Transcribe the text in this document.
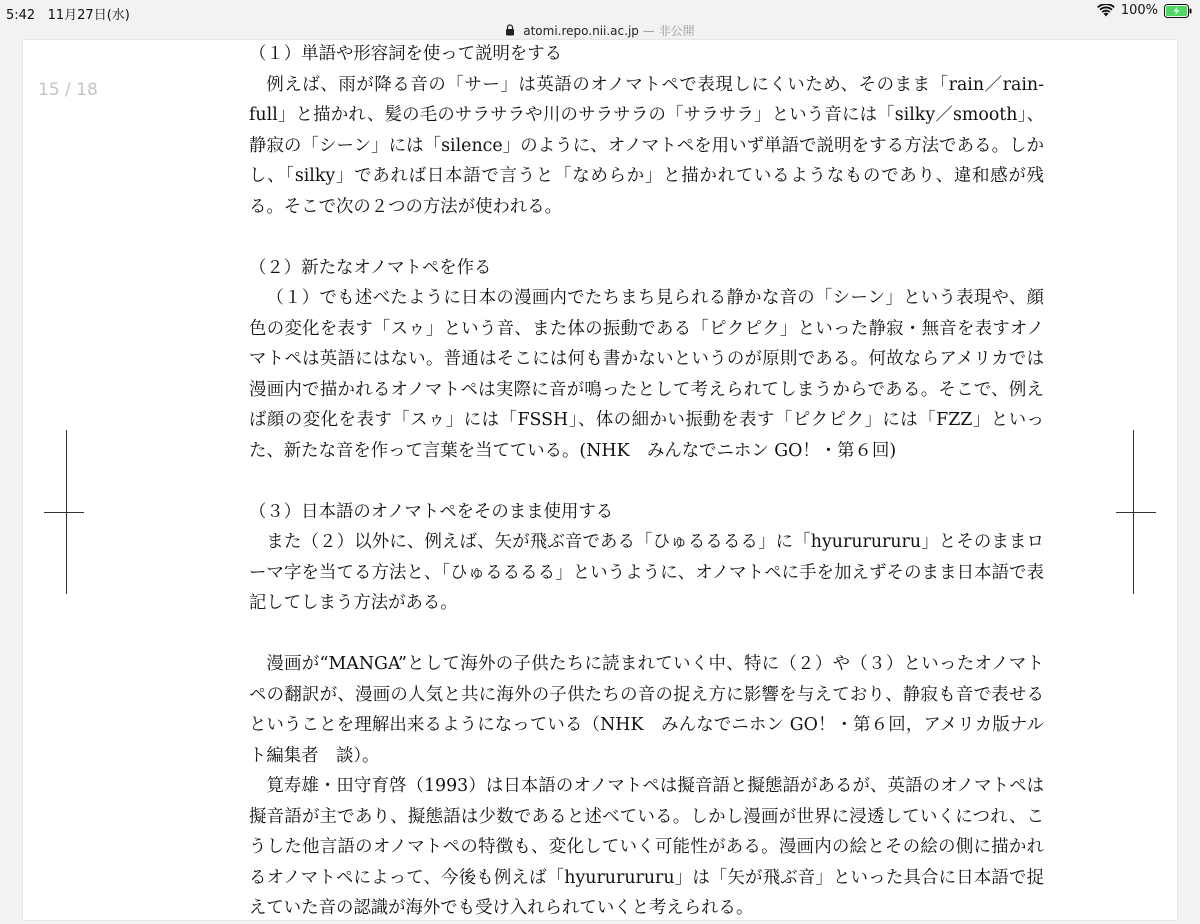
5:42 11月27日(水)	100%
atomi.repo.nii.ac.jp — 非公開
（１）単語や形容詞を使って説明をする

例えば、雨が降る音の「サー」は英語のオノマトペで表現しにくいため、そのまま「rain／rain-full」と描かれ、髪の毛のサラサラや川のサラサラの「サラサラ」という音には「silky／smooth」、静寂の「シーン」には「silence」のように、オノマトペを用いず単語で説明をする方法である。しかし、「silky」であれば日本語で言うと「なめらか」と描かれているようなものであり、違和感が残る。そこで次の２つの方法が使われる。

（２）新たなオノマトペを作る

（１）でも述べたように日本の漫画内でたちまち見られる静かな音の「シーン」という表現や、顔色の変化を表す「スゥ」という音、また体の振動である「ピクピク」といった静寂・無音を表すオノマトペは英語にはない。普通はそこには何も書かないというのが原則である。何故ならアメリカでは漫画内で描かれるオノマトペは実際に音が鳴ったとして考えられてしまうからである。そこで、例えば顔の変化を表す「スゥ」には「FSSH」、体の細かい振動を表す「ピクピク」には「FZZ」といった、新たな音を作って言葉を当てている。(NHK　みんなでニホン GO！・第６回)

（３）日本語のオノマトペをそのまま使用する

また（２）以外に、例えば、矢が飛ぶ音である「ひゅるるるる」に「hyururururu」とそのままローマ字を当てる方法と、「ひゅるるるる」というように、オノマトペに手を加えずそのまま日本語で表記してしまう方法がある。

漫画が“MANGA”として海外の子供たちに読まれていく中、特に（２）や（３）といったオノマトペの翻訳が、漫画の人気と共に海外の子供たちの音の捉え方に影響を与えており、静寂も音で表せるということを理解出来るようになっている（NHK　みんなでニホン GO！・第６回，アメリカ版ナルト編集者　談）。

筧寿雄・田守育啓（1993）は日本語のオノマトペは擬音語と擬態語があるが、英語のオノマトペは擬音語が主であり、擬態語は少数であると述べている。しかし漫画が世界に浸透していくにつれ、こうした他言語のオノマトペの特徴も、変化していく可能性がある。漫画内の絵とその絵の側に描かれるオノマトペによって、今後も例えば「hyururururu」は「矢が飛ぶ音」といった具合に日本語で捉えていた音の認識が海外でも受け入れられていくと考えられる。

15 / 18
